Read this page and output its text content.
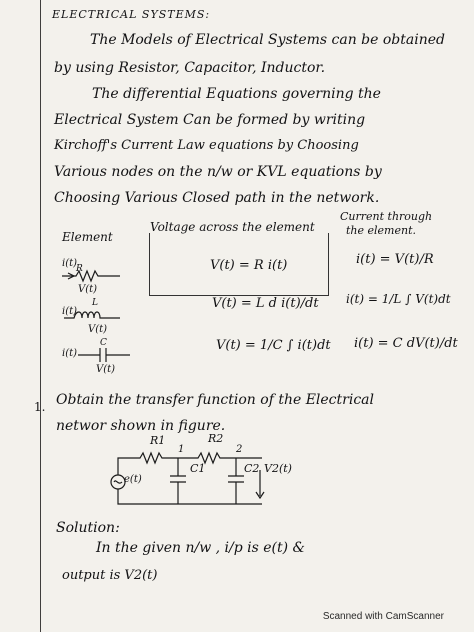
ELECTRICAL SYSTEMS:
The Models of Electrical Systems can be obtained
by using Resistor, Capacitor, Inductor.
The differential Equations governing the
Electrical System Can be formed by writing
Kirchoff's Current Law equations by Choosing
Various nodes on the n/w or KVL equations by
Choosing Various Closed path in the network.
Element
Voltage across the element
Current through
the element.
i(t)
R
V(t)
V(t) = R i(t)	i(t) = V(t)/R
i(t)
L
V(t)
V(t) = L d i(t)/dt i(t) = 1/L ∫ V(t)dt
i(t)
C
V(t)
V(t) = 1/C ∫ i(t)dt i(t) = C dV(t)/dt
1. Obtain the transfer function of the Electrical
networ shown in figure.
R1	R2
1	2
C1	C2
e(t)
V2(t)
Solution:
In the given n/w , i/p is e(t) &
output is V2(t)
Scanned with CamScanner
